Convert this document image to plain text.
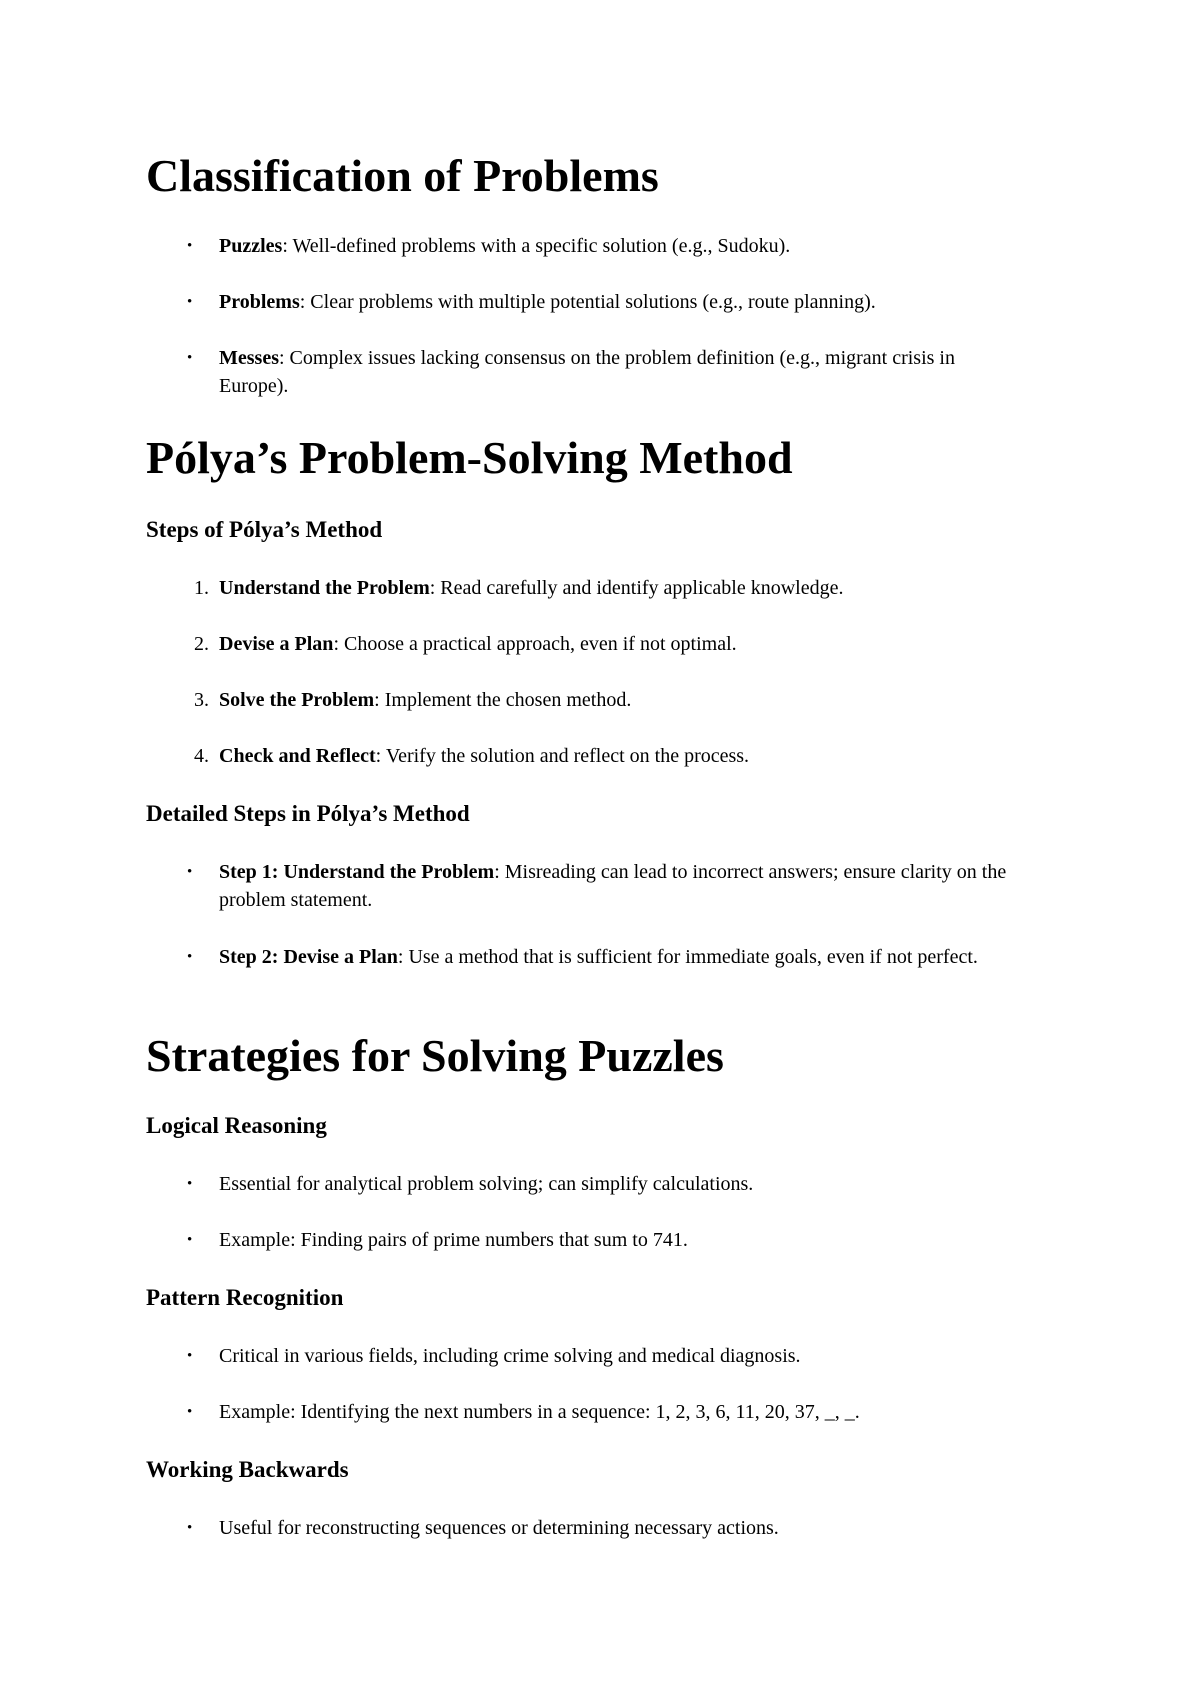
Classification of Problems
• Puzzles: Well-defined problems with a specific solution (e.g., Sudoku).
• Problems: Clear problems with multiple potential solutions (e.g., route planning).
• Messes: Complex issues lacking consensus on the problem definition (e.g., migrant crisis in Europe).
Pólya’s Problem-Solving Method
Steps of Pólya’s Method
1. Understand the Problem: Read carefully and identify applicable knowledge.
2. Devise a Plan: Choose a practical approach, even if not optimal.
3. Solve the Problem: Implement the chosen method.
4. Check and Reflect: Verify the solution and reflect on the process.
Detailed Steps in Pólya’s Method
• Step 1: Understand the Problem: Misreading can lead to incorrect answers; ensure clarity on the problem statement.
• Step 2: Devise a Plan: Use a method that is sufficient for immediate goals, even if not perfect.
Strategies for Solving Puzzles
Logical Reasoning
• Essential for analytical problem solving; can simplify calculations.
• Example: Finding pairs of prime numbers that sum to 741.
Pattern Recognition
• Critical in various fields, including crime solving and medical diagnosis.
• Example: Identifying the next numbers in a sequence: 1, 2, 3, 6, 11, 20, 37, _, _.
Working Backwards
• Useful for reconstructing sequences or determining necessary actions.
